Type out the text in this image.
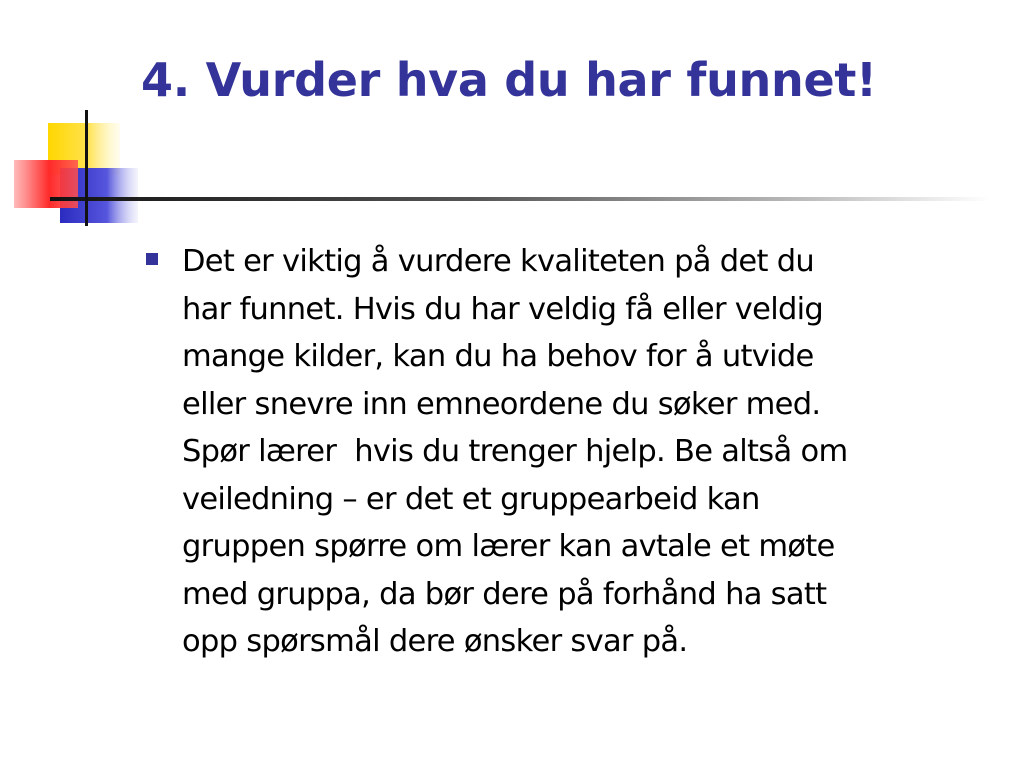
4. Vurder hva du har funnet!
Det er viktig å vurdere kvaliteten på det du
har funnet. Hvis du har veldig få eller veldig
mange kilder, kan du ha behov for å utvide
eller snevre inn emneordene du søker med.
Spør lærer  hvis du trenger hjelp. Be altså om
veiledning – er det et gruppearbeid kan
gruppen spørre om lærer kan avtale et møte
med gruppa, da bør dere på forhånd ha satt
opp spørsmål dere ønsker svar på.
